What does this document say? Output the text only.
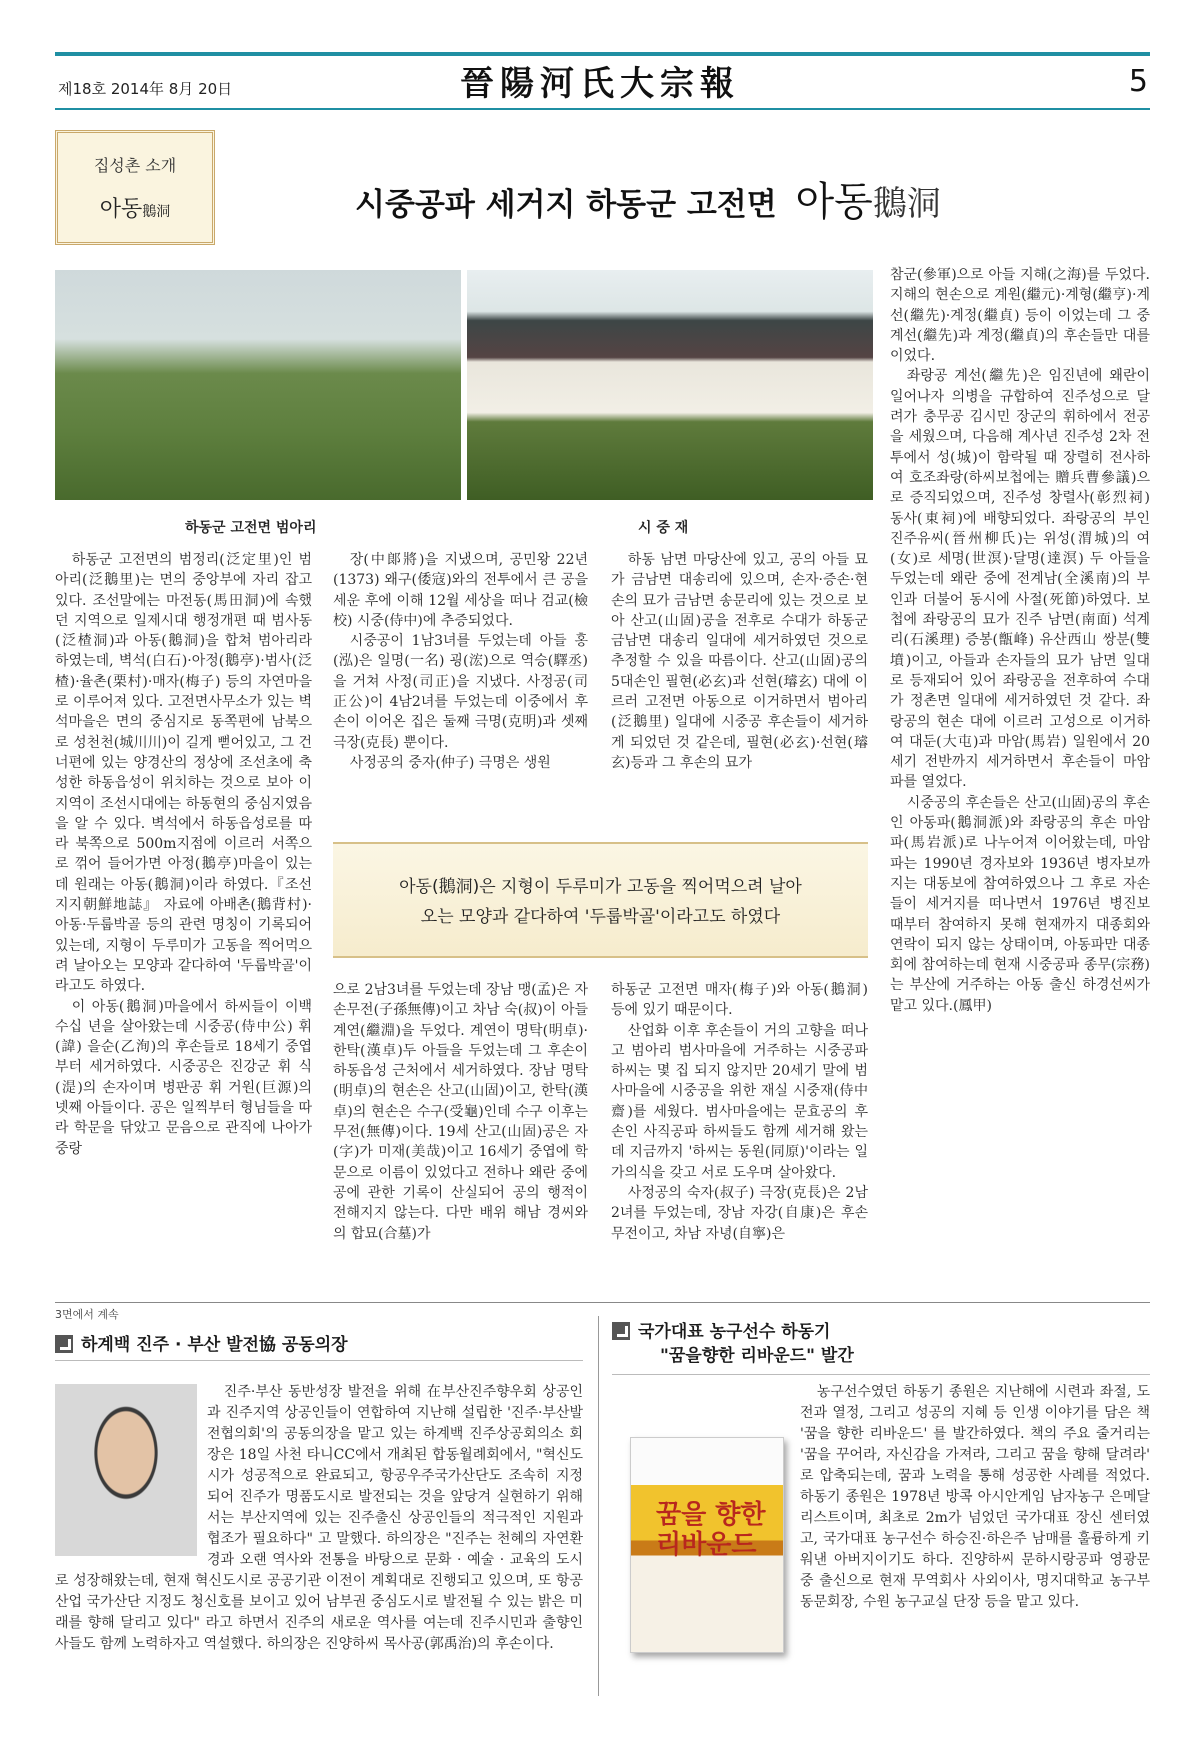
제18호 2014年 8月 20日	晉陽河氏大宗報	5
집성촌 소개
아동鵝洞	시중공파 세거지 하동군 고전면 아동鵝洞
하동군 고전면 범아리	시 중 재

하동군 고전면의 범정리(泛定里)인 범아리(泛鵝里)는 면의 중앙부에 자리 잡고 있다. 조선말에는 마전동(馬田洞)에 속했던 지역으로 일제시대 행정개편 때 범사동(泛楂洞)과 아동(鵝洞)을 합쳐 범아리라 하였는데, 벽석(白石)·아정(鵝亭)·범사(泛楂)·율촌(栗村)·매자(梅子) 등의 자연마을로 이루어져 있다. 고전면사무소가 있는 벽석마을은 면의 중심지로 동쪽편에 남북으로 성천천(城川川)이 길게 뻗어있고, 그 건너편에 있는 양경산의 정상에 조선초에 축성한 하동읍성이 위치하는 것으로 보아 이지역이 조선시대에는 하동현의 중심지였음을 알 수 있다. 벽석에서 하동읍성로를 따라 북쪽으로 500m지점에 이르러 서쪽으로 꺾어 들어가면 아정(鵝亭)마을이 있는데 원래는 아동(鵝洞)이라 하였다.『조선지지朝鮮地誌』 자료에 아배촌(鵝背村)·아동·두룹박골 등의 관련 명칭이 기록되어 있는데, 지형이 두루미가 고동을 찍어먹으려 날아오는 모양과 같다하여 '두룹박골'이라고도 하였다.

이 아동(鵝洞)마을에서 하씨들이 이백수십 년을 살아왔는데 시중공(侍中公) 휘(諱) 을순(乙洵)의 후손들로 18세기 중엽부터 세거하였다. 시중공은 진강군 휘 식(湜)의 손자이며 병판공 휘 거원(巨源)의 넷째 아들이다. 공은 일찍부터 형님들을 따라 학문을 닦았고 문음으로 관직에 나아가 중랑

장(中郞將)을 지냈으며, 공민왕 22년(1373) 왜구(倭寇)와의 전투에서 큰 공을 세운 후에 이해 12월 세상을 떠나 검교(檢校) 시중(侍中)에 추증되었다.

시중공이 1남3녀를 두었는데 아들 홍(泓)은 일명(一名) 굉(浤)으로 역승(驛丞)을 거쳐 사정(司正)을 지냈다. 사정공(司正公)이 4남2녀를 두었는데 이중에서 후손이 이어온 집은 둘째 극명(克明)과 셋째 극장(克長) 뿐이다.

사정공의 중자(仲子) 극명은 생원

하동 남면 마당산에 있고, 공의 아들 묘가 금남면 대송리에 있으며, 손자·증손·현손의 묘가 금남면 송문리에 있는 것으로 보아 산고(山固)공을 전후로 수대가 하동군 금남면 대송리 일대에 세거하였던 것으로 추정할 수 있을 따름이다. 산고(山固)공의 5대손인 필현(必玄)과 선현(璿玄) 대에 이르러 고전면 아동으로 이거하면서 범아리(泛鵝里) 일대에 시중공 후손들이 세거하게 되었던 것 같은데, 필현(必玄)·선현(璿玄)등과 그 후손의 묘가

아동(鵝洞)은 지형이 두루미가 고동을 찍어먹으려 날아
오는 모양과 같다하여 '두룹박골'이라고도 하였다

으로 2남3녀를 두었는데 장남 맹(孟)은 자손무전(子孫無傳)이고 차남 숙(叔)이 아들 계연(繼淵)을 두었다. 계연이 명탁(明卓)·한탁(漢卓)두 아들을 두었는데 그 후손이 하동읍성 근처에서 세거하였다. 장남 명탁(明卓)의 현손은 산고(山固)이고, 한탁(漢卓)의 현손은 수구(受龜)인데 수구 이후는 무전(無傳)이다. 19세 산고(山固)공은 자(字)가 미재(美哉)이고 16세기 중엽에 학문으로 이름이 있었다고 전하나 왜란 중에 공에 관한 기록이 산실되어 공의 행적이 전해지지 않는다. 다만 배위 해남 경씨와의 합묘(合墓)가

하동군 고전면 매자(梅子)와 아동(鵝洞) 등에 있기 때문이다.

산업화 이후 후손들이 거의 고향을 떠나고 범아리 범사마을에 거주하는 시중공파 하씨는 몇 집 되지 않지만 20세기 말에 범사마을에 시중공을 위한 재실 시중재(侍中齋)를 세웠다. 범사마을에는 문효공의 후손인 사직공파 하씨들도 함께 세거해 왔는데 지금까지 '하씨는 동원(同原)'이라는 일가의식을 갖고 서로 도우며 살아왔다.

사정공의 숙자(叔子) 극장(克長)은 2남2녀를 두었는데, 장남 자강(自康)은 후손무전이고, 차남 자녕(自寧)은

참군(參軍)으로 아들 지해(之海)를 두었다. 지해의 현손으로 계원(繼元)·계형(繼亨)·계선(繼先)·계정(繼貞) 등이 이었는데 그 중 계선(繼先)과 계정(繼貞)의 후손들만 대를 이었다.

좌랑공 계선(繼先)은 임진년에 왜란이 일어나자 의병을 규합하여 진주성으로 달려가 충무공 김시민 장군의 휘하에서 전공을 세웠으며, 다음해 계사년 진주성 2차 전투에서 성(城)이 함락될 때 장렬히 전사하여 호조좌랑(하씨보첩에는 贈兵曹參議)으로 증직되었으며, 진주성 창렬사(彰烈祠) 동사(東祠)에 배향되었다. 좌랑공의 부인 진주유씨(晉州柳氏)는 위성(渭城)의 여(女)로 세명(世溟)·달명(達溟) 두 아들을 두었는데 왜란 중에 전계남(全溪南)의 부인과 더불어 동시에 사절(死節)하였다. 보첩에 좌랑공의 묘가 진주 남면(南面) 석계리(石溪理) 증봉(甑峰) 유산西山 쌍분(雙墳)이고, 아들과 손자들의 묘가 남면 일대로 등재되어 있어 좌랑공을 전후하여 수대가 정촌면 일대에 세거하였던 것 같다. 좌랑공의 현손 대에 이르러 고성으로 이거하여 대둔(大屯)과 마암(馬岩) 일원에서 20세기 전반까지 세거하면서 후손들이 마암파를 열었다.

시중공의 후손들은 산고(山固)공의 후손인 아동파(鵝洞派)와 좌랑공의 후손 마암파(馬岩派)로 나누어져 이어왔는데, 마암파는 1990년 경자보와 1936년 병자보까지는 대동보에 참여하였으나 그 후로 자손들이 세거지를 떠나면서 1976년 병진보 때부터 참여하지 못해 현재까지 대종회와 연락이 되지 않는 상태이며, 아동파만 대종회에 참여하는데 현재 시중공파 종무(宗務)는 부산에 거주하는 아동 출신 하경선씨가 맡고 있다.(鳳甲)

3면에서 계속
하계백 진주 · 부산 발전協 공동의장

진주·부산 동반성장 발전을 위해 在부산진주향우회 상공인과 진주지역 상공인들이 연합하여 지난해 설립한 '진주·부산발전협의회'의 공동의장을 맡고 있는 하계백 진주상공회의소 회장은 18일 사천 타니CC에서 개최된 합동월례회에서, "혁신도시가 성공적으로 완료되고, 항공우주국가산단도 조속히 지정되어 진주가 명품도시로 발전되는 것을 앞당겨 실현하기 위해서는 부산지역에 있는 진주출신 상공인들의 적극적인 지원과 협조가 필요하다" 고 말했다. 하의장은 "진주는 천혜의 자연환경과 오랜 역사와 전통을 바탕으로 문화 · 예술 · 교육의 도시로 성장해왔는데, 현재 혁신도시로 공공기관 이전이 계획대로 진행되고 있으며, 또 항공산업 국가산단 지정도 청신호를 보이고 있어 남부권 중심도시로 발전될 수 있는 밝은 미래를 향해 달리고 있다" 라고 하면서 진주의 새로운 역사를 여는데 진주시민과 출향인사들도 함께 노력하자고 역설했다. 하의장은 진양하씨 목사공(郭禹治)의 후손이다.

국가대표 농구선수 하동기
"꿈을향한 리바운드" 발간
꿈을 향한 리바운드

농구선수였던 하동기 종원은 지난해에 시련과 좌절, 도전과 열정, 그리고 성공의 지혜 등 인생 이야기를 담은 책 '꿈을 향한 리바운드' 를 발간하였다. 책의 주요 줄거리는 '꿈을 꾸어라, 자신감을 가져라, 그리고 꿈을 향해 달려라' 로 압축되는데, 꿈과 노력을 통해 성공한 사례를 적었다. 하동기 종원은 1978년 방콕 아시안게임 남자농구 은메달리스트이며, 최초로 2m가 넘었던 국가대표 장신 센터였고, 국가대표 농구선수 하승진·하은주 남매를 훌륭하게 키워낸 아버지이기도 하다. 진양하씨 문하시랑공파 영광문중 출신으로 현재 무역회사 사외이사, 명지대학교 농구부 동문회장, 수원 농구교실 단장 등을 맡고 있다.
